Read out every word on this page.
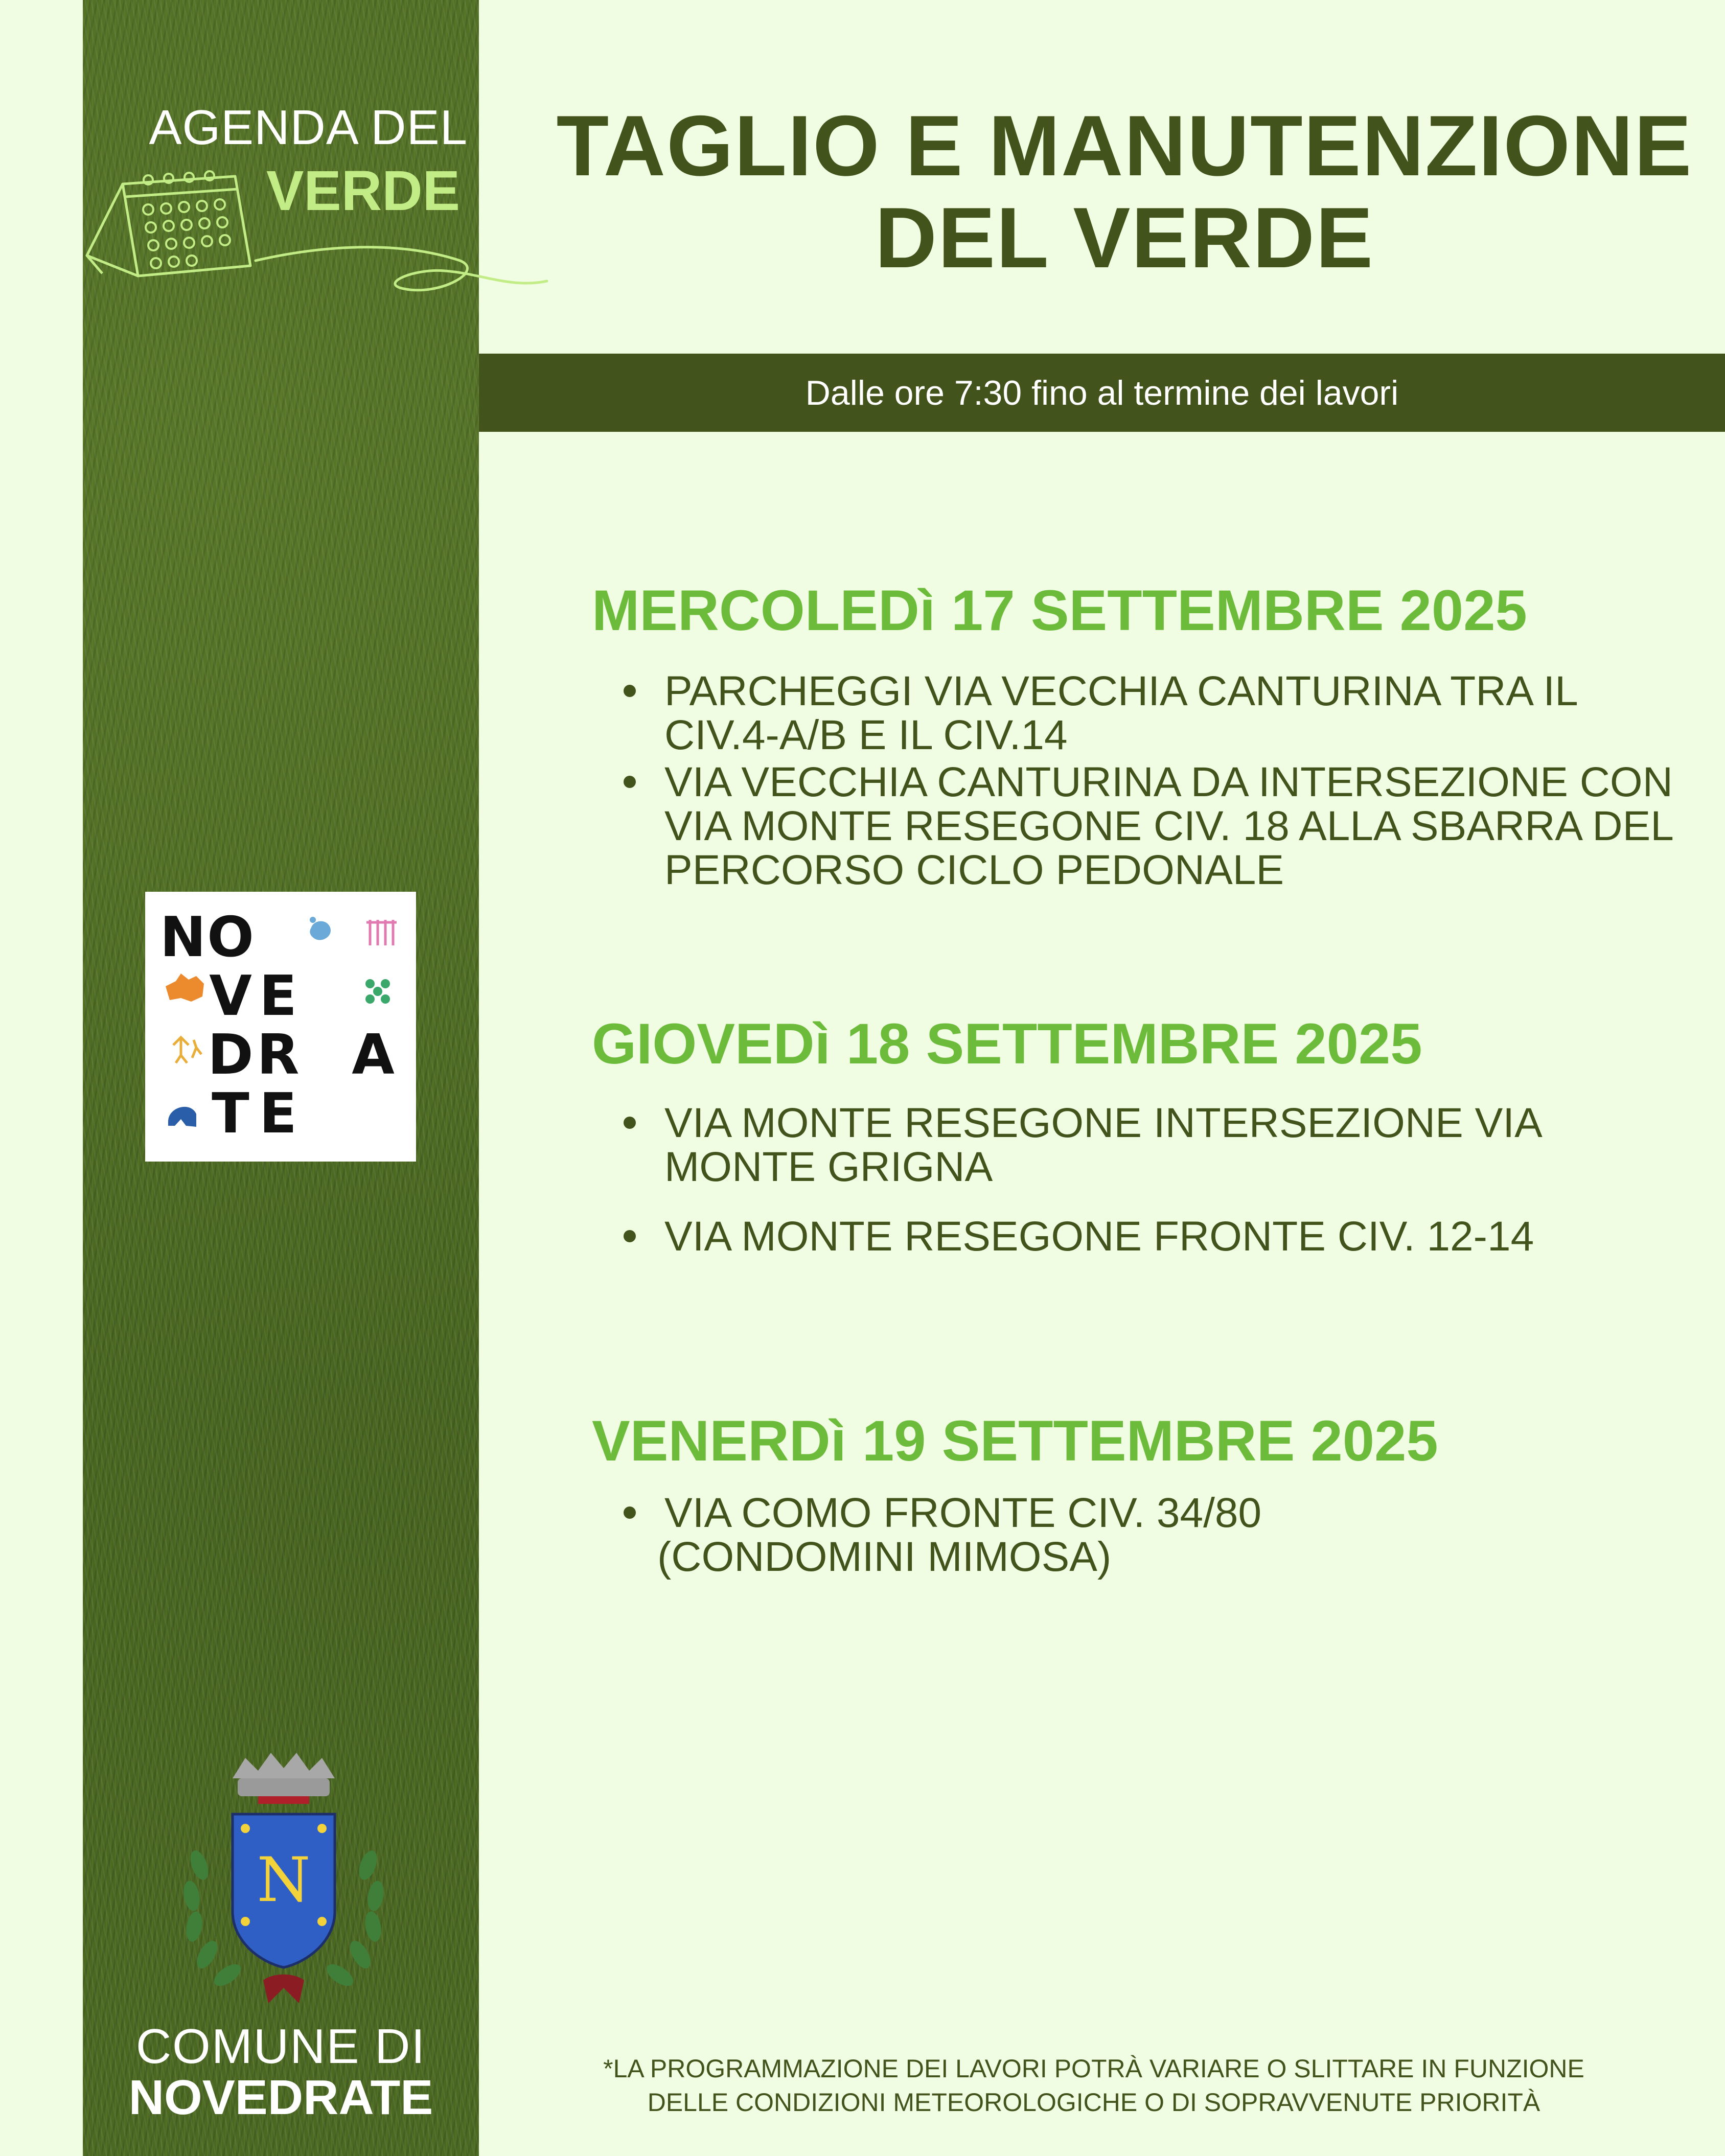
AGENDA DEL
VERDE TAGLIO E MANUTENZIONE
DEL VERDE
Dalle ore 7:30 fino al termine dei lavori
MERCOLEDì 17 SETTEMBRE 2025
PARCHEGGI VIA VECCHIA CANTURINA TRA IL
CIV.4-A/B E IL CIV.14
VIA VECCHIA CANTURINA DA INTERSEZIONE CON
VIA MONTE RESEGONE CIV. 18 ALLA SBARRA DEL
PERCORSO CICLO PEDONALE
GIOVEDì 18 SETTEMBRE 2025
VIA MONTE RESEGONE INTERSEZIONE VIA
MONTE GRIGNA
VIA MONTE RESEGONE FRONTE CIV. 12-14
VENERDì 19 SETTEMBRE 2025
VIA COMO FRONTE CIV. 34/80
(CONDOMINI MIMOSA)
N O
V E
D R A
T E
N
COMUNE DI
NOVEDRATE
*LA PROGRAMMAZIONE DEI LAVORI POTRÀ VARIARE O SLITTARE IN FUNZIONE
DELLE CONDIZIONI METEOROLOGICHE O DI SOPRAVVENUTE PRIORITÀ
